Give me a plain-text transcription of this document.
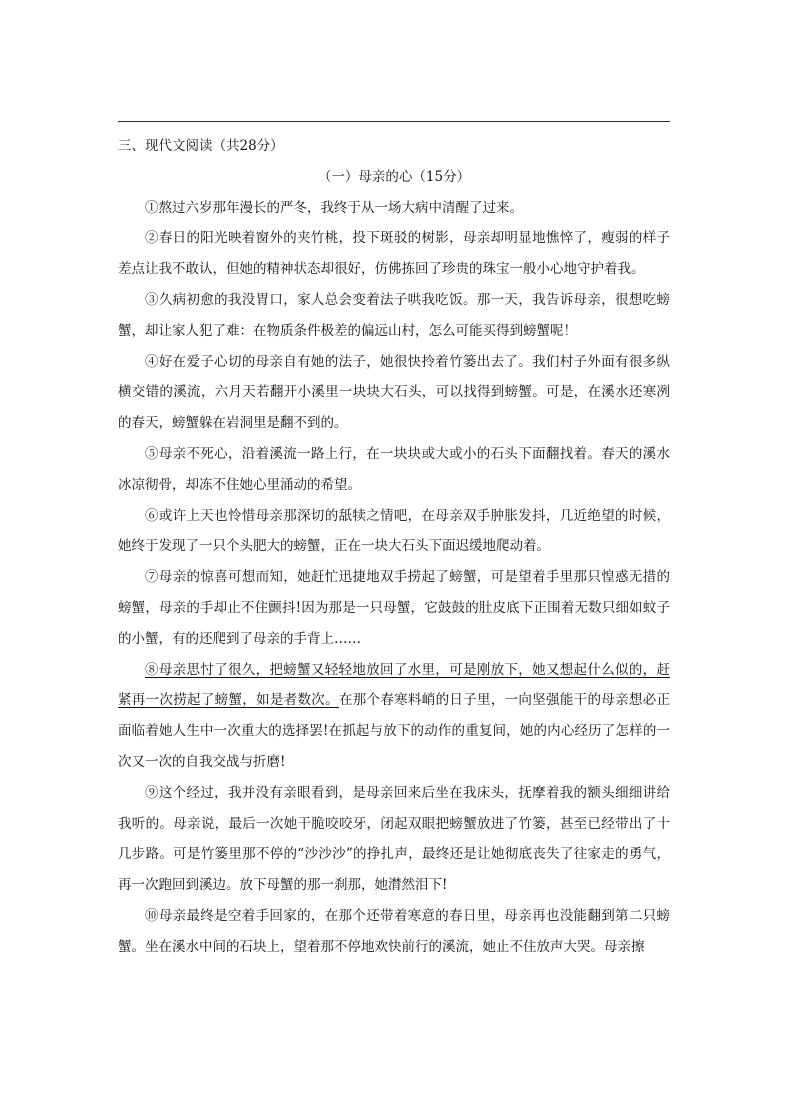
三、现代文阅读（共28分）

（一）母亲的心（15分）

①熬过六岁那年漫长的严冬，我终于从一场大病中清醒了过来。

②春日的阳光映着窗外的夹竹桃，投下斑驳的树影，母亲却明显地憔悴了，瘦弱的样子差点让我不敢认，但她的精神状态却很好，仿佛拣回了珍贵的珠宝一般小心地守护着我。

③久病初愈的我没胃口，家人总会变着法子哄我吃饭。那一天，我告诉母亲，很想吃螃蟹，却让家人犯了难：在物质条件极差的偏远山村，怎么可能买得到螃蟹呢！

④好在爱子心切的母亲自有她的法子，她很快拎着竹篓出去了。我们村子外面有很多纵横交错的溪流，六月天若翻开小溪里一块块大石头，可以找得到螃蟹。可是，在溪水还寒冽的春天，螃蟹躲在岩洞里是翻不到的。

⑤母亲不死心，沿着溪流一路上行，在一块块或大或小的石头下面翻找着。春天的溪水冰凉彻骨，却冻不住她心里涌动的希望。

⑥或许上天也怜惜母亲那深切的舐犊之情吧，在母亲双手肿胀发抖，几近绝望的时候，她终于发现了一只个头肥大的螃蟹，正在一块大石头下面迟缓地爬动着。

⑦母亲的惊喜可想而知，她赶忙迅捷地双手捞起了螃蟹，可是望着手里那只惶惑无措的螃蟹，母亲的手却止不住颤抖!因为那是一只母蟹，它鼓鼓的肚皮底下正围着无数只细如蚊子的小蟹，有的还爬到了母亲的手背上……

⑧母亲思忖了很久，把螃蟹又轻轻地放回了水里，可是刚放下，她又想起什么似的，赶紧再一次捞起了螃蟹，如是者数次。在那个春寒料峭的日子里，一向坚强能干的母亲想必正面临着她人生中一次重大的选择罢!在抓起与放下的动作的重复间，她的内心经历了怎样的一次又一次的自我交战与折磨!

⑨这个经过，我并没有亲眼看到，是母亲回来后坐在我床头，抚摩着我的额头细细讲给我听的。母亲说，最后一次她干脆咬咬牙，闭起双眼把螃蟹放进了竹篓，甚至已经带出了十几步路。可是竹篓里那不停的“沙沙沙”的挣扎声，最终还是让她彻底丧失了往家走的勇气，再一次跑回到溪边。放下母蟹的那一刹那，她潸然泪下!

⑩母亲最终是空着手回家的，在那个还带着寒意的春日里，母亲再也没能翻到第二只螃蟹。坐在溪水中间的石块上，望着那不停地欢快前行的溪流，她止不住放声大哭。母亲擦
